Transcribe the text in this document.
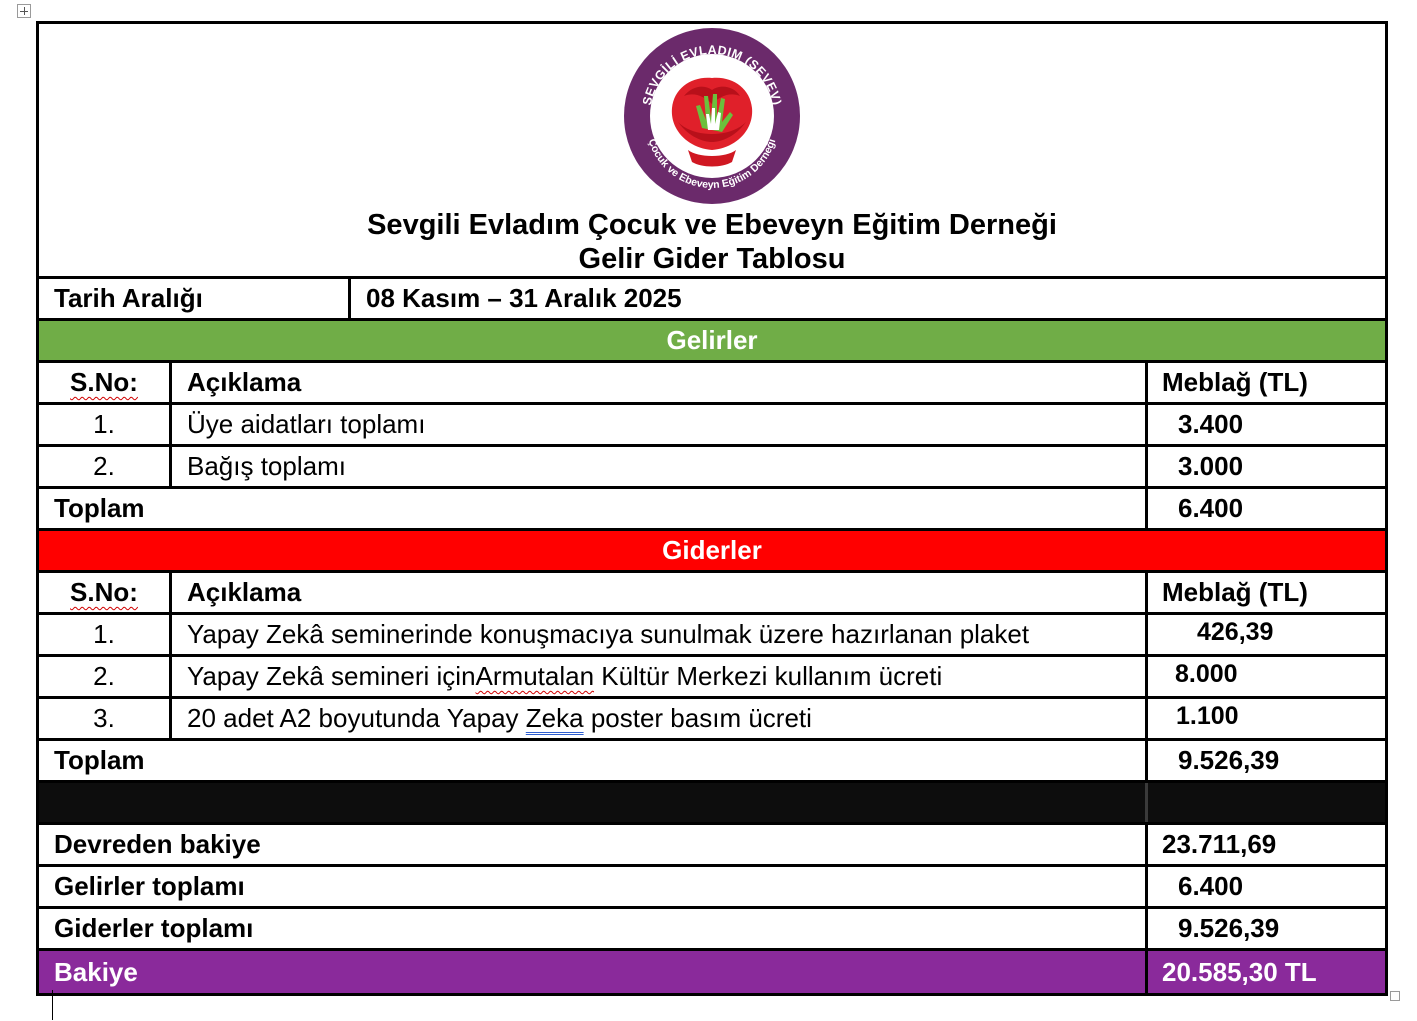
SEVGİLİ EVLADIM (SEVEV)
Çocuk ve Ebeveyn Eğitim Derneği
Sevgili Evladım Çocuk ve Ebeveyn Eğitim Derneği
Gelir Gider Tablosu
Tarih Aralığı	08 Kasım – 31 Aralık 2025
Gelirler
S.No:	Açıklama	Meblağ (TL)
1.	Üye aidatları toplamı	3.400
2.	Bağış toplamı	3.000
Toplam	6.400
Giderler
S.No:	Açıklama	Meblağ (TL)
1.	Yapay Zekâ seminerinde konuşmacıya sunulmak üzere hazırlanan plaket	426,39
2.	Yapay Zekâ semineri için Armutalan Kültür Merkezi kullanım ücreti	8.000
3.	20 adet A2 boyutunda Yapay Zeka poster basım ücreti	1.100
Toplam	9.526,39
Devreden bakiye	23.711,69
Gelirler toplamı	6.400
Giderler toplamı	9.526,39
Bakiye	20.585,30 TL
